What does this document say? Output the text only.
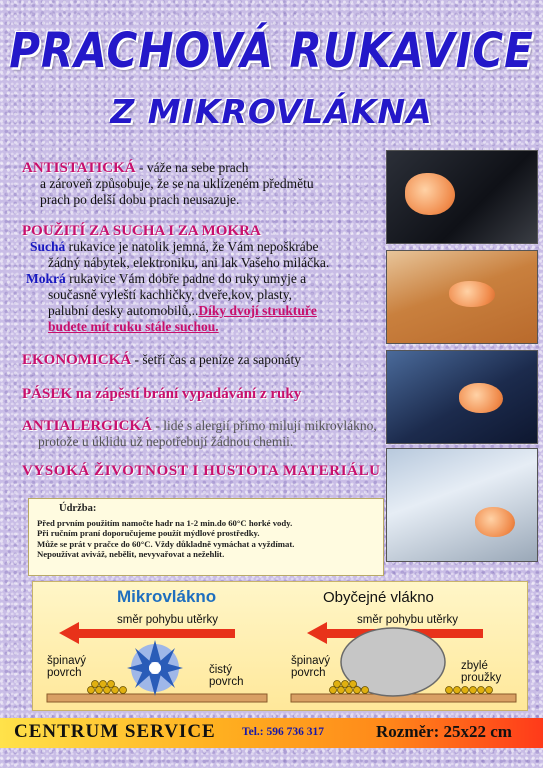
PRACHOVÁ RUKAVICE
Z MIKROVLÁKNA
ANTISTATICKÁ - váže na sebe prach
a zároveň způsobuje, že se na uklízeném předmětu
prach po delší dobu prach neusazuje.
POUŽITÍ ZA SUCHA I ZA MOKRA
Suchá rukavice je natolik jemná, že Vám nepoškrábe
žádný nábytek, elektroniku, ani lak Vašeho miláčka.
Mokrá rukavice Vám dobře padne do ruky umyje a
současně vyleští kachličky, dveře,kov, plasty,
palubní desky automobilů,..Díky dvojí struktuře
budete mít ruku stále suchou.
EKONOMICKÁ - šetří čas a peníze za saponáty
PÁSEK na zápěstí brání vypadávání z ruky
ANTIALERGICKÁ - lidé s alergií přímo milují mikrovlákno,
protože u úklidu už nepotřebují žádnou chemii.
VYSOKÁ ŽIVOTNOST I HUSTOTA MATERIÁLU
Údržba:
Před prvním použitím namočte hadr na 1-2 min.do 60°C horké vody.
Při ručním praní doporučujeme použít mýdlové prostředky.
Může se prát v pračce do 60°C. Vždy důkladně vymáchat a vyždímat.
Nepoužívat aviváž, nebělit, nevyvařovat a nežehlit.
Mikrovlákno	Obyčejné vlákno
směr pohybu utěrky	směr pohybu utěrky
špinavý
povrch	čistý
povrch
špinavý
povrch
zbylé
proužky
CENTRUM SERVICE Tel.: 596 736 317	Rozměr: 25x22 cm
